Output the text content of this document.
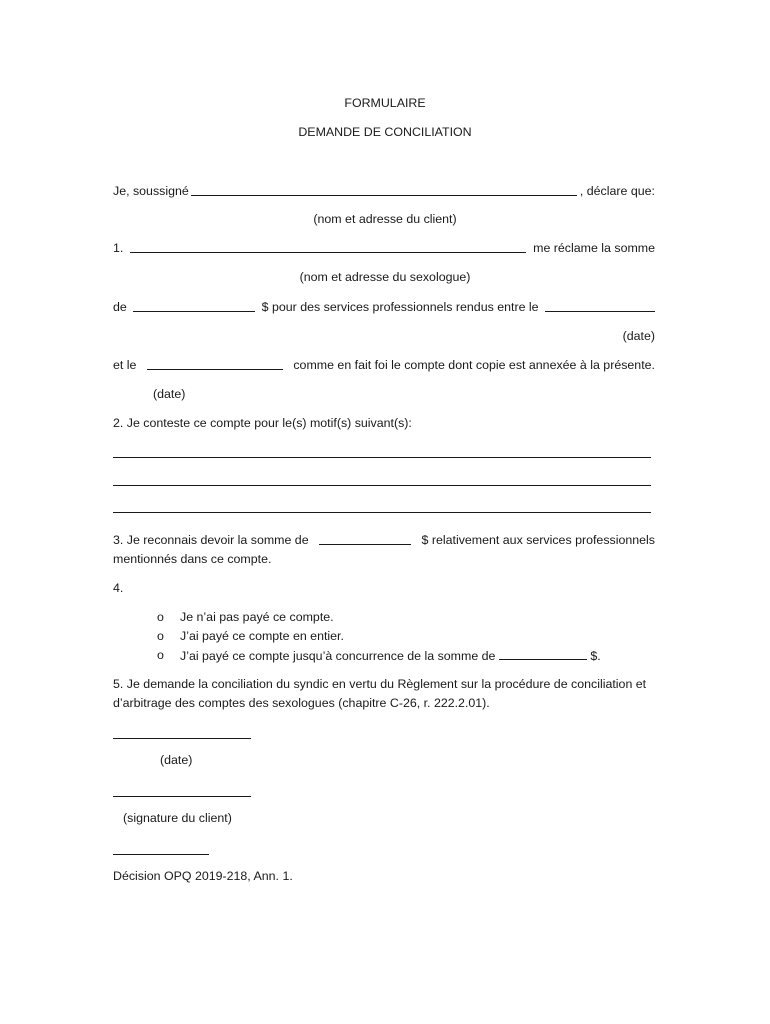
FORMULAIRE
DEMANDE DE CONCILIATION
Je, soussigné	, déclare que:
(nom et adresse du client)
1.	me réclame la somme
(nom et adresse du sexologue)
de	$ pour des services professionnels rendus entre le
(date)
et le	comme en fait foi le compte dont copie est annexée à la présente.
(date)
2. Je conteste ce compte pour le(s) motif(s) suivant(s):
3. Je reconnais devoir la somme de	$ relativement aux services professionnels
mentionnés dans ce compte.
4.
o Je n’ai pas payé ce compte.
o J’ai payé ce compte en entier.
o J’ai payé ce compte jusqu’à concurrence de la somme de	$.
5. Je demande la conciliation du syndic en vertu du Règlement sur la procédure de conciliation et d’arbitrage des comptes des sexologues (chapitre C-26, r. 222.2.01).
(date)
(signature du client)
Décision OPQ 2019-218, Ann. 1.
